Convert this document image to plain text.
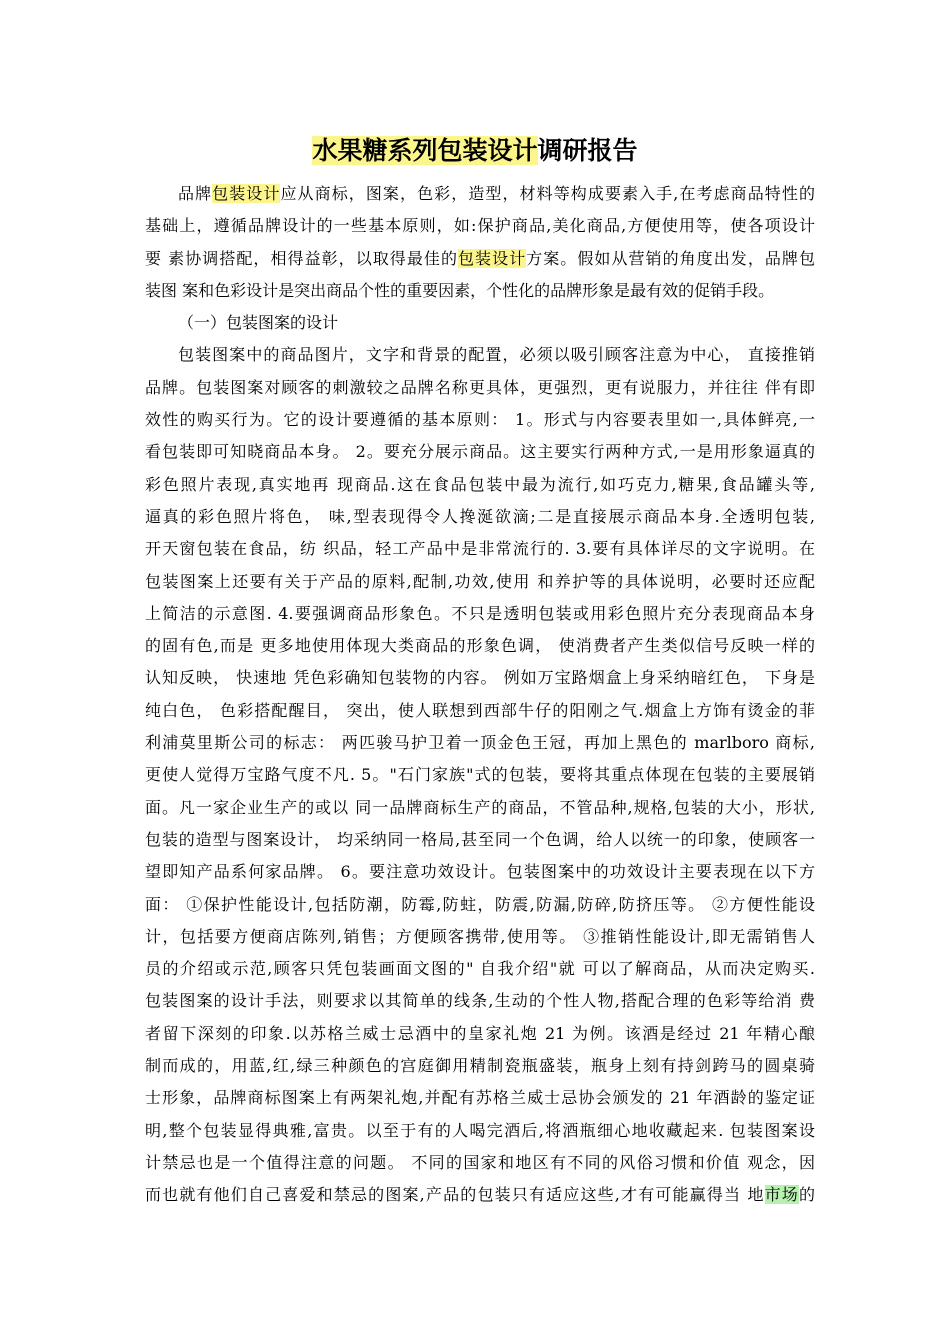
水果糖系列包装设计调研报告
品牌包装设计应从商标，图案，色彩，造型，材料等构成要素入手,在考虑商品特性的
基础上，遵循品牌设计的一些基本原则，如:保护商品,美化商品,方便使用等，使各项设计
要 素协调搭配，相得益彰，以取得最佳的包装设计方案。假如从营销的角度出发，品牌包
装图 案和色彩设计是突出商品个性的重要因素，个性化的品牌形象是最有效的促销手段。
（一）包装图案的设计
包装图案中的商品图片，文字和背景的配置，必须以吸引顾客注意为中心， 直接推销
品牌。包装图案对顾客的刺激较之品牌名称更具体，更强烈，更有说服力，并往往 伴有即
效性的购买行为。它的设计要遵循的基本原则： 1。形式与内容要表里如一,具体鲜亮,一
看包装即可知晓商品本身。 2。要充分展示商品。这主要实行两种方式,一是用形象逼真的
彩色照片表现,真实地再 现商品.这在食品包装中最为流行,如巧克力,糖果,食品罐头等,
逼真的彩色照片将色， 味,型表现得令人搀涎欲滴;二是直接展示商品本身.全透明包装,
开天窗包装在食品，纺 织品，轻工产品中是非常流行的. 3.要有具体详尽的文字说明。在
包装图案上还要有关于产品的原料,配制,功效,使用 和养护等的具体说明，必要时还应配
上简洁的示意图. 4.要强调商品形象色。不只是透明包装或用彩色照片充分表现商品本身
的固有色,而是 更多地使用体现大类商品的形象色调， 使消费者产生类似信号反映一样的
认知反映， 快速地 凭色彩确知包装物的内容。 例如万宝路烟盒上身采纳暗红色， 下身是
纯白色， 色彩搭配醒目， 突出，使人联想到西部牛仔的阳刚之气.烟盒上方饰有烫金的菲
利浦莫里斯公司的标志： 两匹骏马护卫着一顶金色王冠，再加上黑色的 marlboro 商标,
更使人觉得万宝路气度不凡. 5。"石门家族"式的包装，要将其重点体现在包装的主要展销
面。凡一家企业生产的或以 同一品牌商标生产的商品，不管品种,规格,包装的大小，形状,
包装的造型与图案设计， 均采纳同一格局,甚至同一个色调，给人以统一的印象，使顾客一
望即知产品系何家品牌。 6。要注意功效设计。包装图案中的功效设计主要表现在以下方
面： ①保护性能设计,包括防潮，防霉,防蛀，防震,防漏,防碎,防挤压等。 ②方便性能设
计，包括要方便商店陈列,销售；方便顾客携带,使用等。 ③推销性能设计,即无需销售人
员的介绍或示范,顾客只凭包装画面文图的" 自我介绍"就 可以了解商品，从而决定购买.
包装图案的设计手法，则要求以其简单的线条,生动的个性人物,搭配合理的色彩等给消 费
者留下深刻的印象.以苏格兰威士忌酒中的皇家礼炮 21 为例。该酒是经过 21 年精心酿
制而成的，用蓝,红,绿三种颜色的宫庭御用精制瓷瓶盛装，瓶身上刻有持剑跨马的圆桌骑
士形象，品牌商标图案上有两架礼炮,并配有苏格兰威士忌协会颁发的 21 年酒龄的鉴定证
明,整个包装显得典雅,富贵。以至于有的人喝完酒后,将酒瓶细心地收藏起来. 包装图案设
计禁忌也是一个值得注意的问题。 不同的国家和地区有不同的风俗习惯和价值 观念，因
而也就有他们自己喜爱和禁忌的图案,产品的包装只有适应这些,才有可能赢得当 地市场的
